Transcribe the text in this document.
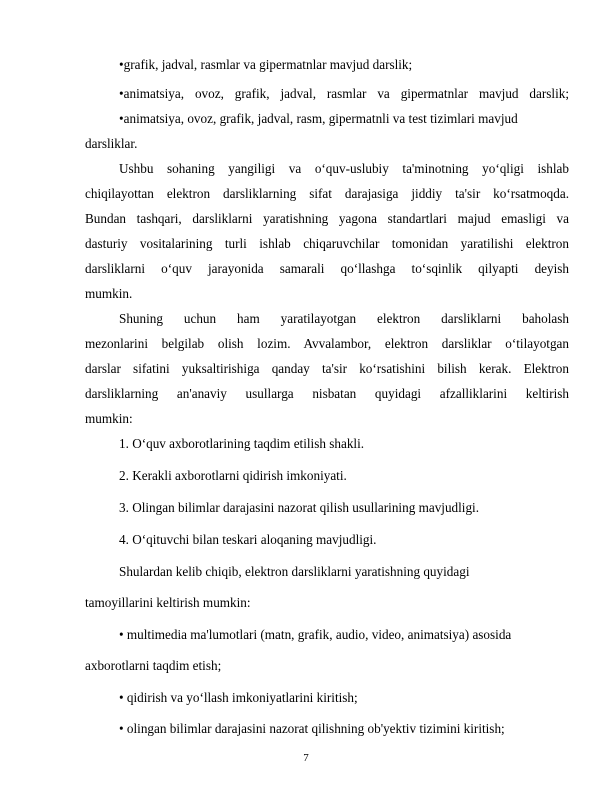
•grafik, jadval, rasmlar va gipermatnlar mavjud darslik;
•animatsiya, ovoz, grafik, jadval, rasmlar va gipermatnlar mavjud darslik;
•animatsiya, ovoz, grafik, jadval, rasm, gipermatnli va test tizimlari mavjud
darsliklar.
Ushbu sohaning yangiligi va o‘quv-uslubiy ta'minotning yo‘qligi ishlab
chiqilayottan elektron darsliklarning sifat darajasiga jiddiy ta'sir ko‘rsatmoqda.
Bundan tashqari, darsliklarni yaratishning yagona standartlari majud emasligi va
dasturiy vositalarining turli ishlab chiqaruvchilar tomonidan yaratilishi elektron
darsliklarni o‘quv jarayonida samarali qo‘llashga to‘sqinlik qilyapti deyish
mumkin.
Shuning uchun ham yaratilayotgan elektron darsliklarni baholash
mezonlarini belgilab olish lozim. Avvalambor, elektron darsliklar o‘tilayotgan
darslar sifatini yuksaltirishiga qanday ta'sir ko‘rsatishini bilish kerak. Elektron
darsliklarning an'anaviy usullarga nisbatan quyidagi afzalliklarini keltirish
mumkin:
1. O‘quv axborotlarining taqdim etilish shakli.
2. Kerakli axborotlarni qidirish imkoniyati.
3. Olingan bilimlar darajasini nazorat qilish usullarining mavjudligi.
4. O‘qituvchi bilan teskari aloqaning mavjudligi.
Shulardan kelib chiqib, elektron darsliklarni yaratishning quyidagi
tamoyillarini keltirish mumkin:
• multimedia ma'lumotlari (matn, grafik, audio, video, animatsiya) asosida
axborotlarni taqdim etish;
• qidirish va yo‘llash imkoniyatlarini kiritish;
• olingan bilimlar darajasini nazorat qilishning ob'yektiv tizimini kiritish;
7
